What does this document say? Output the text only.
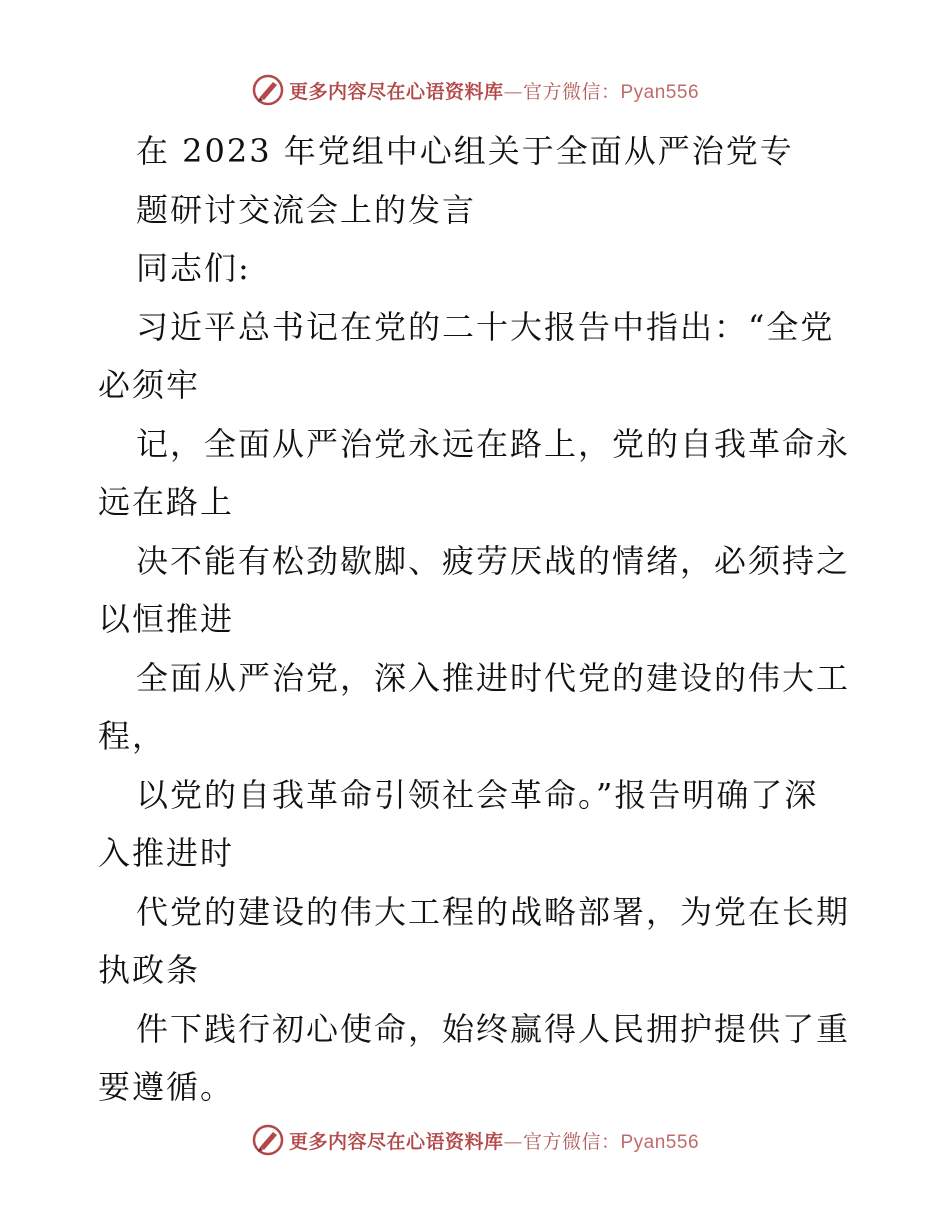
更多内容尽在心语资料库—官方微信：Pyan556
在 2023 年党组中心组关于全面从严治党专
题研讨交流会上的发言
同志们:
习近平总书记在党的二十大报告中指出：“全党
必须牢
记，全面从严治党永远在路上，党的自我革命永
远在路上
决不能有松劲歇脚、疲劳厌战的情绪，必须持之
以恒推进
全面从严治党，深入推进时代党的建设的伟大工
程，
以党的自我革命引领社会革命。”报告明确了深
入推进时
代党的建设的伟大工程的战略部署，为党在长期
执政条
件下践行初心使命，始终赢得人民拥护提供了重
要遵循。
更多内容尽在心语资料库—官方微信：Pyan556
